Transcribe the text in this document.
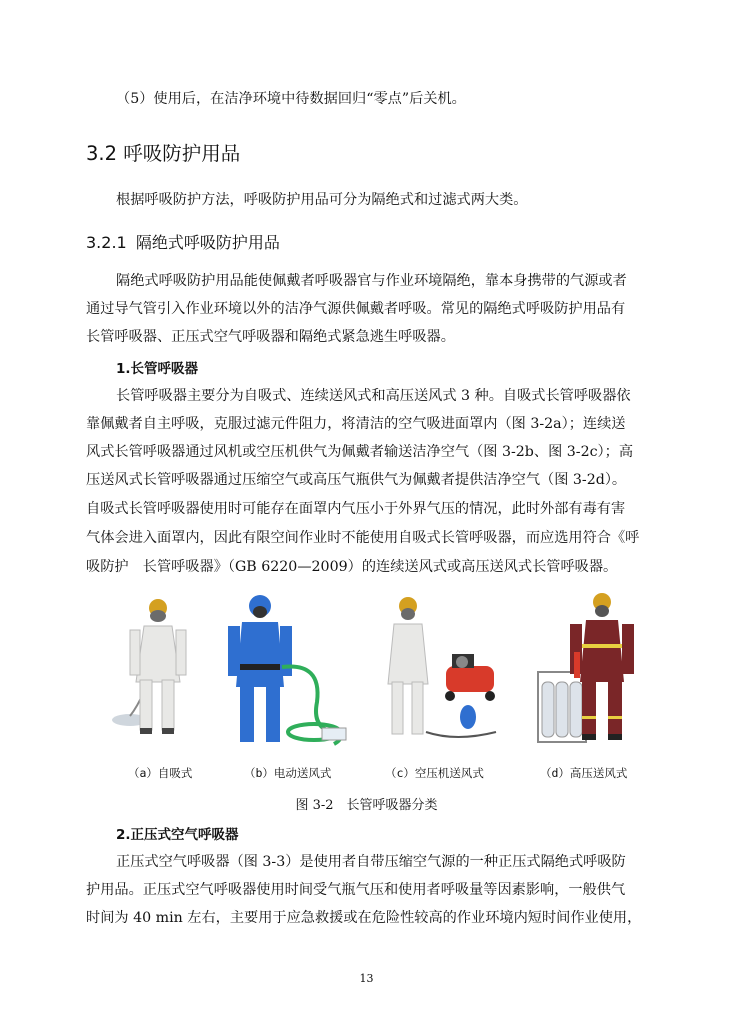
（5）使用后，在洁净环境中待数据回归“零点”后关机。
3.2 呼吸防护用品
根据呼吸防护方法，呼吸防护用品可分为隔绝式和过滤式两大类。
3.2.1 隔绝式呼吸防护用品
隔绝式呼吸防护用品能使佩戴者呼吸器官与作业环境隔绝，靠本身携带的气源或者
通过导气管引入作业环境以外的洁净气源供佩戴者呼吸。常见的隔绝式呼吸防护用品有
长管呼吸器、正压式空气呼吸器和隔绝式紧急逃生呼吸器。
1.长管呼吸器
长管呼吸器主要分为自吸式、连续送风式和高压送风式 3 种。自吸式长管呼吸器依
靠佩戴者自主呼吸，克服过滤元件阻力，将清洁的空气吸进面罩内（图 3-2a）；连续送
风式长管呼吸器通过风机或空压机供气为佩戴者输送洁净空气（图 3-2b、图 3-2c）；高
压送风式长管呼吸器通过压缩空气或高压气瓶供气为佩戴者提供洁净空气（图 3-2d）。
自吸式长管呼吸器使用时可能存在面罩内气压小于外界气压的情况，此时外部有毒有害
气体会进入面罩内，因此有限空间作业时不能使用自吸式长管呼吸器，而应选用符合《呼
吸防护　长管呼吸器》（GB 6220—2009）的连续送风式或高压送风式长管呼吸器。
（a）自吸式	（b）电动送风式	（c）空压机送风式	（d）高压送风式
图 3-2　长管呼吸器分类
2.正压式空气呼吸器
正压式空气呼吸器（图 3-3）是使用者自带压缩空气源的一种正压式隔绝式呼吸防
护用品。正压式空气呼吸器使用时间受气瓶气压和使用者呼吸量等因素影响，一般供气
时间为 40 min 左右，主要用于应急救援或在危险性较高的作业环境内短时间作业使用，
13
